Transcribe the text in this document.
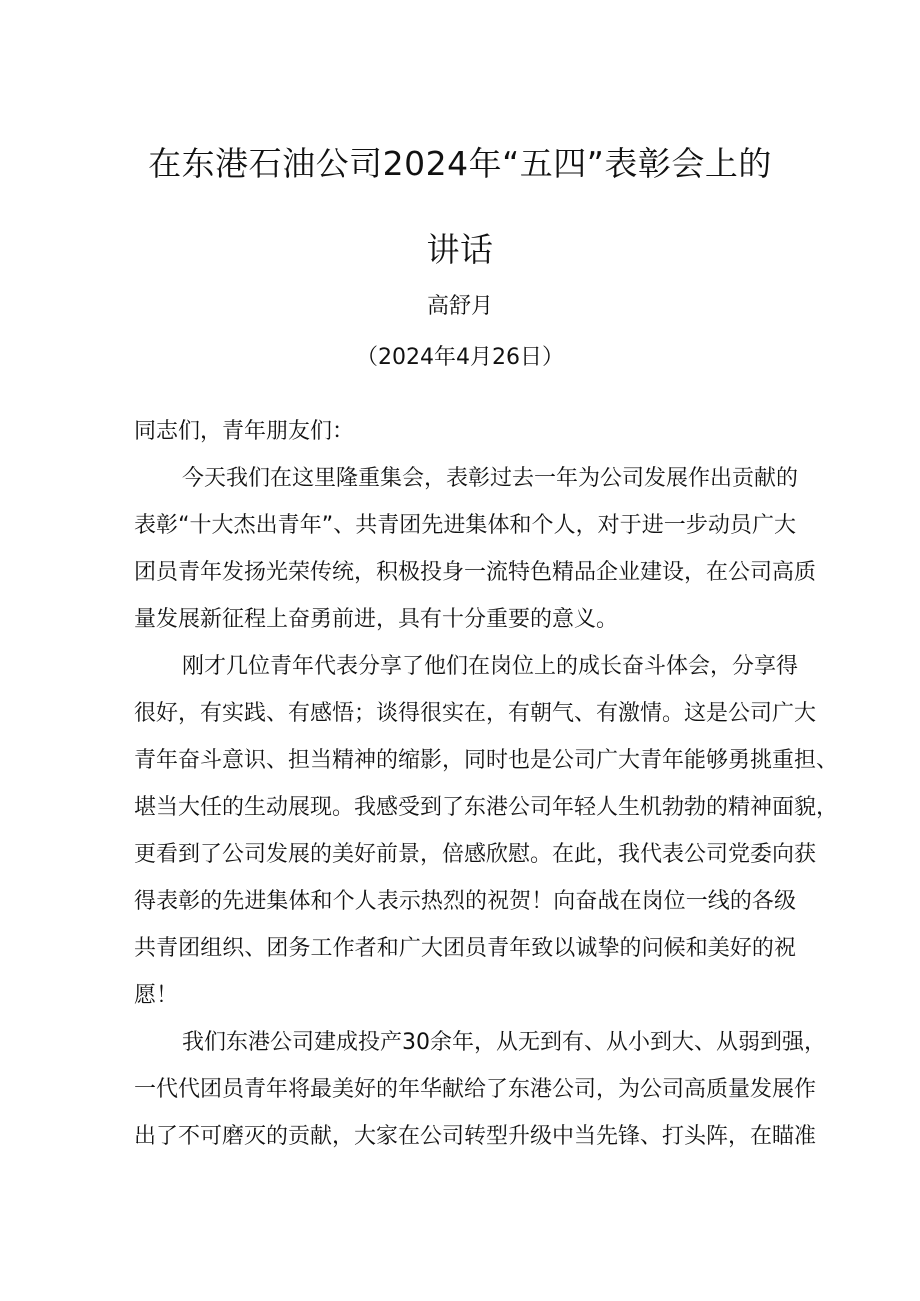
在东港石油公司2024年“五四”表彰会上的
讲话
高舒月
（2024年4月26日）

同志们，青年朋友们：

今天我们在这里隆重集会，表彰过去一年为公司发展作出贡献的
表彰“十大杰出青年”、共青团先进集体和个人，对于进一步动员广大
团员青年发扬光荣传统，积极投身一流特色精品企业建设，在公司高质
量发展新征程上奋勇前进，具有十分重要的意义。
刚才几位青年代表分享了他们在岗位上的成长奋斗体会，分享得
很好，有实践、有感悟；谈得很实在，有朝气、有激情。这是公司广大
青年奋斗意识、担当精神的缩影，同时也是公司广大青年能够勇挑重担、
堪当大任的生动展现。我感受到了东港公司年轻人生机勃勃的精神面貌，
更看到了公司发展的美好前景，倍感欣慰。在此，我代表公司党委向获
得表彰的先进集体和个人表示热烈的祝贺！向奋战在岗位一线的各级
共青团组织、团务工作者和广大团员青年致以诚挚的问候和美好的祝
愿！
我们东港公司建成投产30余年，从无到有、从小到大、从弱到强，
一代代团员青年将最美好的年华献给了东港公司，为公司高质量发展作
出了不可磨灭的贡献，大家在公司转型升级中当先锋、打头阵，在瞄准
